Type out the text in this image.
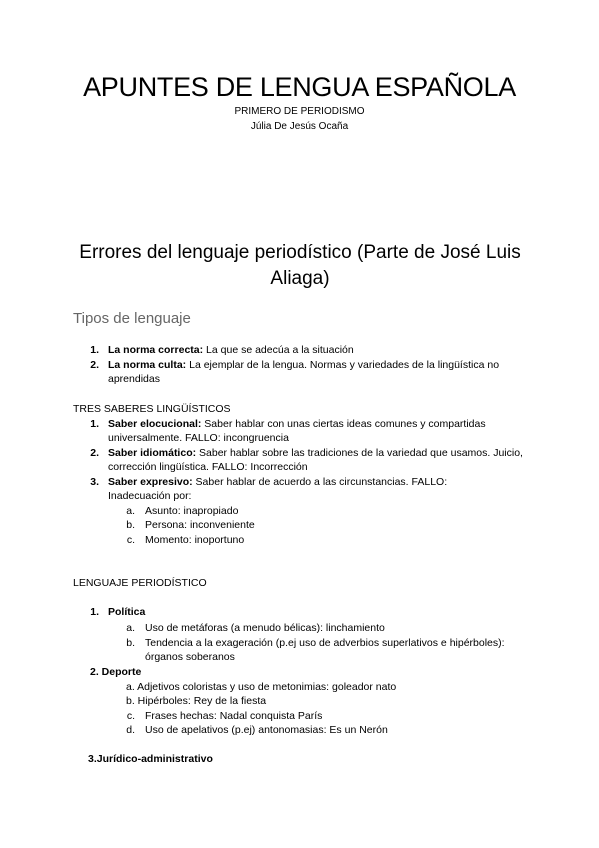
APUNTES DE LENGUA ESPAÑOLA
PRIMERO DE PERIODISMO
Júlia De Jesús Ocaña
Errores del lenguaje periodístico (Parte de José Luis Aliaga)
Tipos de lenguaje
1. La norma correcta: La que se adecúa a la situación
2. La norma culta: La ejemplar de la lengua. Normas y variedades de la lingüística no aprendidas
TRES SABERES LINGÜÍSTICOS
1. Saber elocucional: Saber hablar con unas ciertas ideas comunes y compartidas universalmente. FALLO: incongruencia
2. Saber idiomático: Saber hablar sobre las tradiciones de la variedad que usamos. Juicio, corrección lingüística. FALLO: Incorrección
3. Saber expresivo: Saber hablar de acuerdo a las circunstancias. FALLO: Inadecuación por:
a. Asunto: inapropiado
b. Persona: inconveniente
c. Momento: inoportuno
LENGUAJE PERIODÍSTICO
1. Política
a. Uso de metáforas (a menudo bélicas): linchamiento
b. Tendencia a la exageración (p.ej uso de adverbios superlativos e hipérboles): órganos soberanos
2. Deporte
a. Adjetivos coloristas y uso de metonimias: goleador nato
b. Hipérboles: Rey de la fiesta
c. Frases hechas: Nadal conquista París
d. Uso de apelativos (p.ej) antonomasias: Es un Nerón
3.Jurídico-administrativo
